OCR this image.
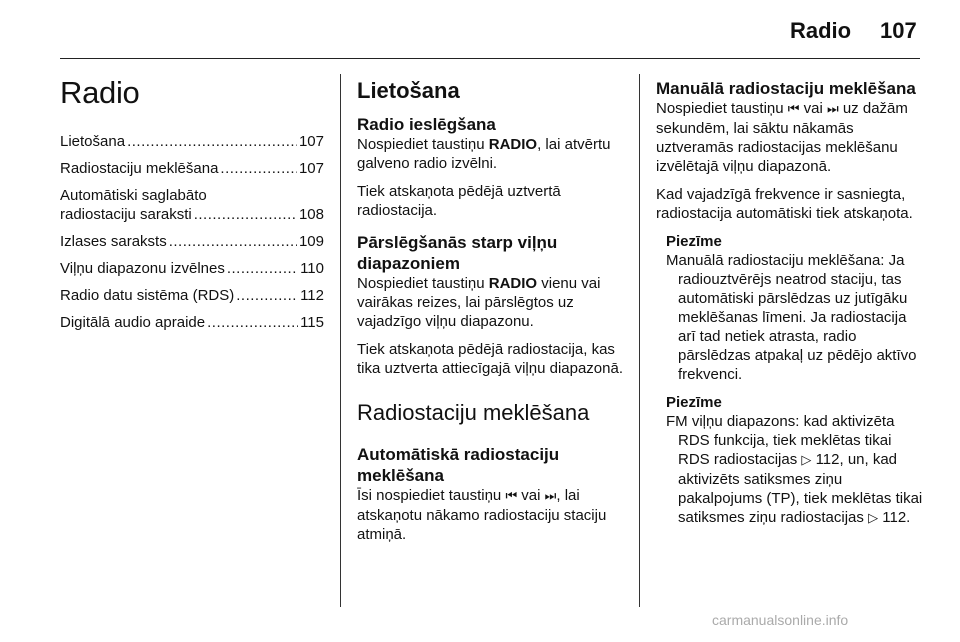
Radio 107
Radio
Lietošana .....	107
Radiostaciju meklēšana .....	107
Automātiski saglabāto
radiostaciju saraksti .....	108
Izlases saraksts .....	109
Viļņu diapazonu izvēlnes .....	110
Radio datu sistēma (RDS) .....	112
Digitālā audio apraide .....	115
Lietošana
Radio ieslēgšana

Nospiediet taustiņu RADIO, lai atvērtu galveno radio izvēlni.

Tiek atskaņota pēdējā uztvertā radiostacija.

Pārslēgšanās starp viļņu diapazoniem

Nospiediet taustiņu RADIO vienu vai vairākas reizes, lai pārslēgtos uz vajadzīgo viļņu diapazonu.

Tiek atskaņota pēdējā radiostacija, kas tika uztverta attiecīgajā viļņu diapazonā.

Radiostaciju meklēšana
Automātiskā radiostaciju meklēšana

Īsi nospiediet taustiņu ⏮ vai ⏭, lai atskaņotu nākamo radiostaciju staciju atmiņā.

Manuālā radiostaciju meklēšana

Nospiediet taustiņu ⏮ vai ⏭ uz dažām sekundēm, lai sāktu nākamās uztveramās radiostacijas meklēšanu izvēlētajā viļņu diapazonā.

Kad vajadzīgā frekvence ir sasniegta, radiostacija automātiski tiek atskaņota.

Piezīme

Manuālā radiostaciju meklēšana: Ja

radiouztvērējs neatrod staciju, tas automātiski pārslēdzas uz jutīgāku meklēšanas līmeni. Ja radiostacija arī tad netiek atrasta, radio pārslēdzas atpakaļ uz pēdējo aktīvo frekvenci.

Piezīme

FM viļņu diapazons: kad aktivizēta

RDS funkcija, tiek meklētas tikai RDS radiostacijas ▷ 112, un, kad aktivizēts satiksmes ziņu pakalpojums (TP), tiek meklētas tikai satiksmes ziņu radiostacijas ▷ 112.

carmanualsonline.info
